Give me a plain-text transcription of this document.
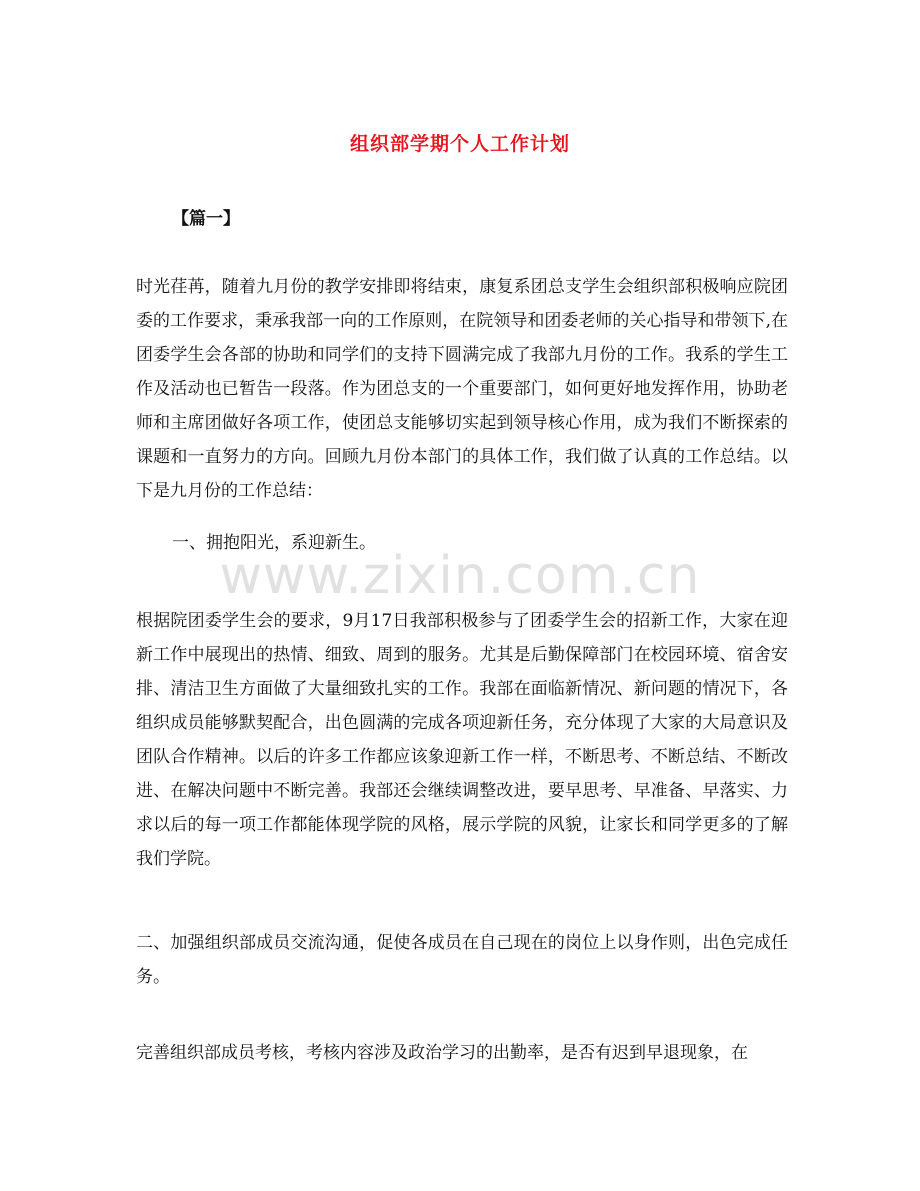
组织部学期个人工作计划
【篇一】

时光荏苒，随着九月份的教学安排即将结束，康复系团总支学生会组织部积极响应院团委的工作要求，秉承我部一向的工作原则，在院领导和团委老师的关心指导和带领下,在团委学生会各部的协助和同学们的支持下圆满完成了我部九月份的工作。我系的学生工作及活动也已暂告一段落。作为团总支的一个重要部门，如何更好地发挥作用，协助老师和主席团做好各项工作，使团总支能够切实起到领导核心作用，成为我们不断探索的课题和一直努力的方向。回顾九月份本部门的具体工作，我们做了认真的工作总结。以下是九月份的工作总结：

一、拥抱阳光，系迎新生。

www.zixin.com.cn

根据院团委学生会的要求，9月17日我部积极参与了团委学生会的招新工作，大家在迎新工作中展现出的热情、细致、周到的服务。尤其是后勤保障部门在校园环境、宿舍安排、清洁卫生方面做了大量细致扎实的工作。我部在面临新情况、新问题的情况下，各组织成员能够默契配合，出色圆满的完成各项迎新任务，充分体现了大家的大局意识及团队合作精神。以后的许多工作都应该象迎新工作一样，不断思考、不断总结、不断改进、在解决问题中不断完善。我部还会继续调整改进，要早思考、早准备、早落实、力求以后的每一项工作都能体现学院的风格，展示学院的风貌，让家长和同学更多的了解我们学院。

二、加强组织部成员交流沟通，促使各成员在自己现在的岗位上以身作则，出色完成任务。

完善组织部成员考核，考核内容涉及政治学习的出勤率，是否有迟到早退现象，在
